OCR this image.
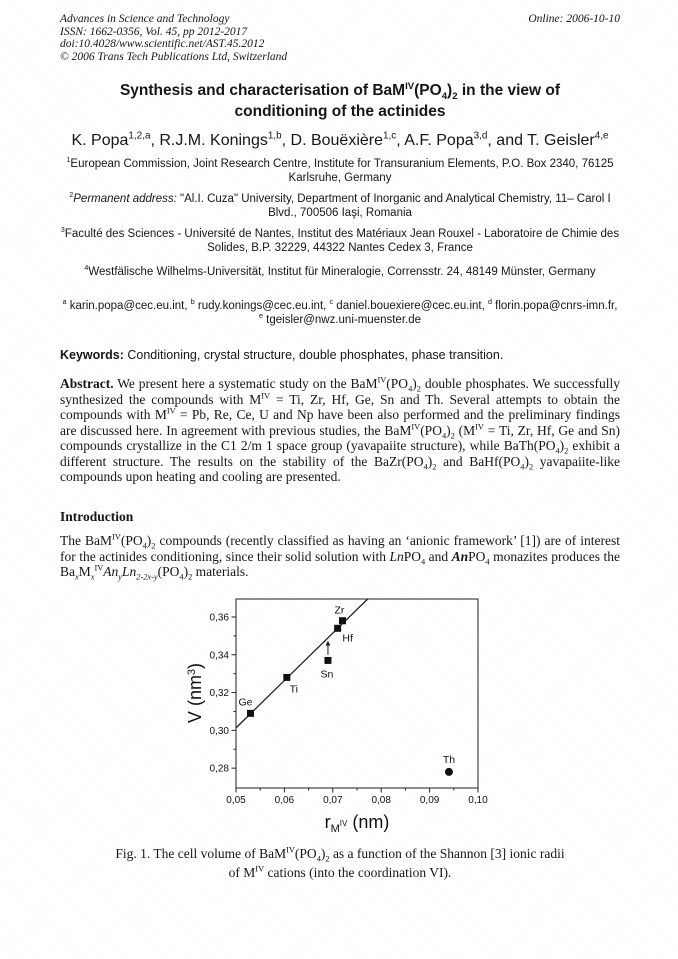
Advances in Science and Technology
ISSN: 1662-0356, Vol. 45, pp 2012-2017
doi:10.4028/www.scientific.net/AST.45.2012
© 2006 Trans Tech Publications Ltd, Switzerland
Online: 2006-10-10
Synthesis and characterisation of $BaM^{IV}(PO_4)_2$ in the view of
conditioning of the actinides
K. Popa$^{1,2,a}$, R.J.M. Konings$^{1,b}$, D. Bouëxière$^{1,c}$, A.F. Popa$^{3,d}$, and T. Geisler$^{4,e}$

$^1$European Commission, Joint Research Centre, Institute for Transuranium Elements, P.O. Box 2340, 76125 Karlsruhe, Germany

$^2$Permanent address: "Al.I. Cuza" University, Department of Inorganic and Analytical Chemistry, 11– Carol I Blvd., 700506 Iaşi, Romania

$^3$Faculté des Sciences - Université de Nantes, Institut des Matériaux Jean Rouxel - Laboratoire de Chimie des Solides, B.P. 32229, 44322 Nantes Cedex 3, France

$^4$Westfälische Wilhelms-Universität, Institut für Mineralogie, Corrensstr. 24, 48149 Münster, Germany

$^a$ karin.popa@cec.eu.int, $^b$ rudy.konings@cec.eu.int, $^c$ daniel.bouexiere@cec.eu.int, $^d$ florin.popa@cnrs-imn.fr, $^e$ tgeisler@nwz.uni-muenster.de

Keywords: Conditioning, crystal structure, double phosphates, phase transition.

Abstract. We present here a systematic study on the $BaM^{IV}(PO_4)_2$ double phosphates. We successfully synthesized the compounds with $M^{IV} = Ti$, Zr, Hf, Ge, Sn and Th. Several attempts to obtain the compounds with $M^{IV} = Pb$, Re, Ce, U and Np have been also performed and the preliminary findings are discussed here. In agreement with previous studies, the $BaM^{IV}(PO_4)_2$ ($M^{IV} = Ti$, Zr, Hf, Ge and Sn) compounds crystallize in the C1 2/m 1 space group (yavapaiite structure), while $BaTh(PO_4)_2$ exhibit a different structure. The results on the stability of the $BaZr(PO_4)_2$ and $BaHf(PO_4)_2$ yavapaiite-like compounds upon heating and cooling are presented.

Introduction

The $BaM^{IV}(PO_4)_2$ compounds (recently classified as having an ‘anionic framework’ [1]) are of interest for the actinides conditioning, since their solid solution with LnPO$_4$ and AnPO$_4$ monazites produces the $Ba_xM_x^{IV}An_yLn_{2-2x-y}(PO_4)_2$ materials.

0,05	0,06	0,07	0,08	0,09	0,10
0,28
0,30
0,32
0,34
0,36
Ge
Ti
Sn
Hf
Zr
Th
$r_M^{IV}$ (nm)
V $(nm^3)$
Fig. 1. The cell volume of $BaM^{IV}(PO_4)_2$ as a function of the Shannon [3] ionic radii
of $M^{IV}$ cations (into the coordination VI).
